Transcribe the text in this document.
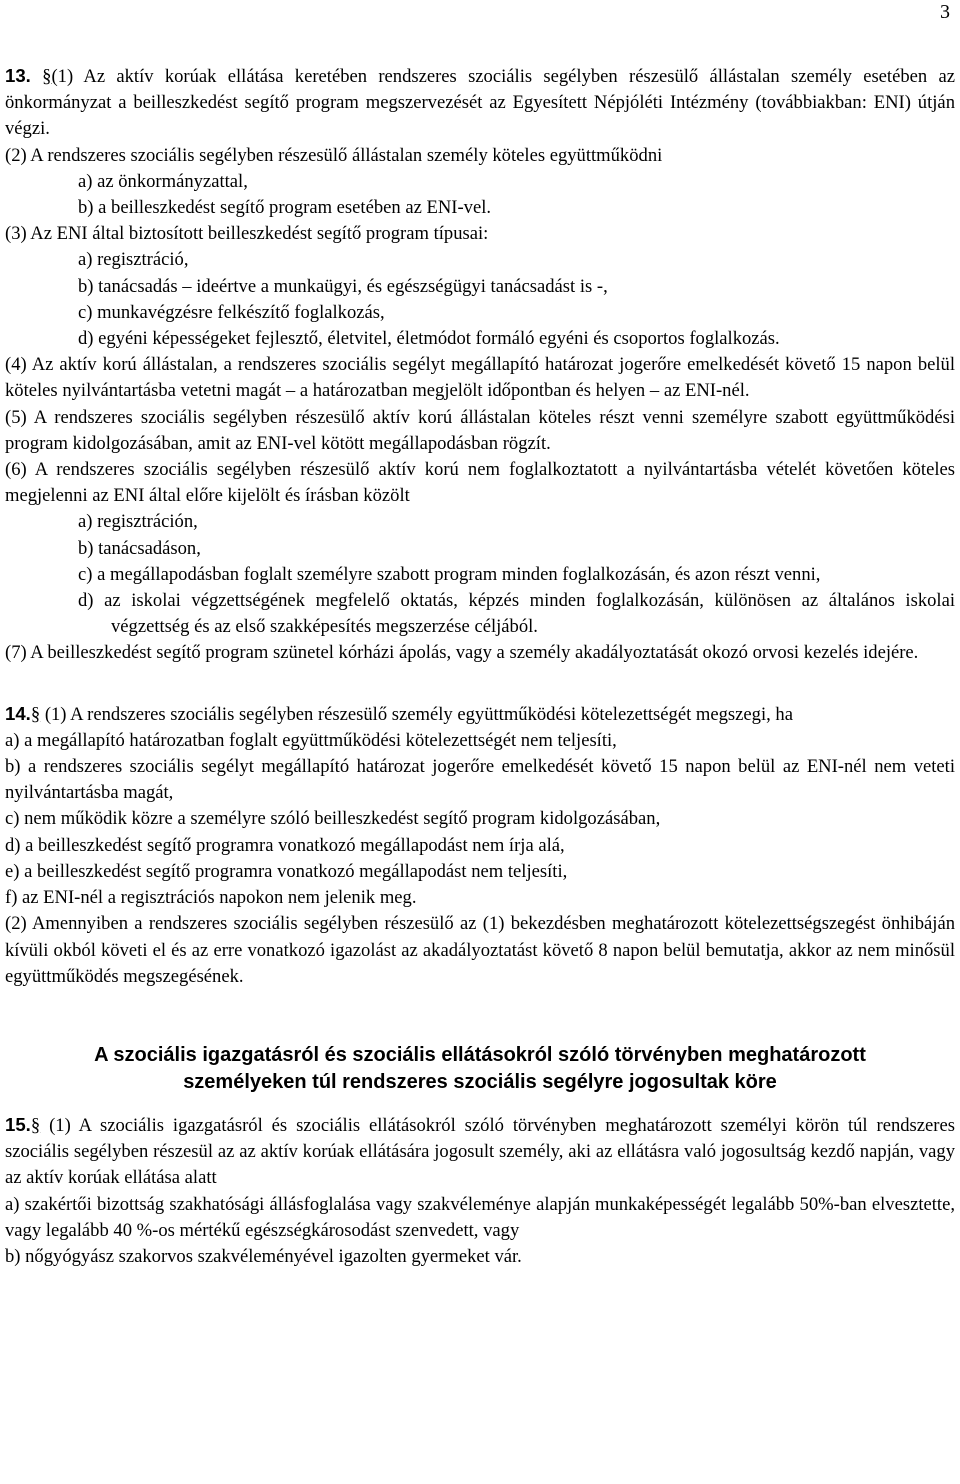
3

13. §(1) Az aktív korúak ellátása keretében rendszeres szociális segélyben részesülő állástalan személy esetében az önkormányzat a beilleszkedést segítő program megszervezését az Egyesített Népjóléti Intézmény (továbbiakban: ENI) útján végzi.

(2) A rendszeres szociális segélyben részesülő állástalan személy köteles együttműködni

a) az önkormányzattal,

b) a beilleszkedést segítő program esetében az ENI-vel.

(3) Az ENI által biztosított beilleszkedést segítő program típusai:

a) regisztráció,

b) tanácsadás – ideértve a munkaügyi, és egészségügyi tanácsadást is -,

c) munkavégzésre felkészítő foglalkozás,

d) egyéni képességeket fejlesztő, életvitel, életmódot formáló egyéni és csoportos foglalkozás.

(4) Az aktív korú állástalan, a rendszeres szociális segélyt megállapító határozat jogerőre emelkedését követő 15 napon belül köteles nyilvántartásba vetetni magát – a határozatban megjelölt időpontban és helyen – az ENI-nél.

(5) A rendszeres szociális segélyben részesülő aktív korú állástalan köteles részt venni személyre szabott együttműködési program kidolgozásában, amit az ENI-vel kötött megállapodásban rögzít.

(6) A rendszeres szociális segélyben részesülő aktív korú nem foglalkoztatott a nyilvántartásba vételét követően köteles megjelenni az ENI által előre kijelölt és írásban közölt

a) regisztráción,

b) tanácsadáson,

c) a megállapodásban foglalt személyre szabott program minden foglalkozásán, és azon részt venni,

d) az iskolai végzettségének megfelelő oktatás, képzés minden foglalkozásán, különösen az általános iskolai végzettség és az első szakképesítés megszerzése céljából.

(7) A beilleszkedést segítő program szünetel kórházi ápolás, vagy a személy akadályoztatását okozó orvosi kezelés idejére.

14.§ (1) A rendszeres szociális segélyben részesülő személy együttműködési kötelezettségét megszegi, ha

a) a megállapító határozatban foglalt együttműködési kötelezettségét nem teljesíti,

b) a rendszeres szociális segélyt megállapító határozat jogerőre emelkedését követő 15 napon belül az ENI-nél nem veteti nyilvántartásba magát,

c) nem működik közre a személyre szóló beilleszkedést segítő program kidolgozásában,

d) a beilleszkedést segítő programra vonatkozó megállapodást nem írja alá,

e) a beilleszkedést segítő programra vonatkozó megállapodást nem teljesíti,

f) az ENI-nél a regisztrációs napokon nem jelenik meg.

(2) Amennyiben a rendszeres szociális segélyben részesülő az (1) bekezdésben meghatározott kötelezettségszegést önhibáján kívüli okból követi el és az erre vonatkozó igazolást az akadályoztatást követő 8 napon belül bemutatja, akkor az nem minősül együttműködés megszegésének.

A szociális igazgatásról és szociális ellátásokról szóló törvényben meghatározott
személyeken túl rendszeres szociális segélyre jogosultak köre

15.§ (1) A szociális igazgatásról és szociális ellátásokról szóló törvényben meghatározott személyi körön túl rendszeres szociális segélyben részesül az az aktív korúak ellátására jogosult személy, aki az ellátásra való jogosultság kezdő napján, vagy az aktív korúak ellátása alatt

a) szakértői bizottság szakhatósági állásfoglalása vagy szakvéleménye alapján munkaképességét legalább 50%-ban elvesztette, vagy legalább 40 %-os mértékű egészségkárosodást szenvedett, vagy

b) nőgyógyász szakorvos szakvéleményével igazolten gyermeket vár.
